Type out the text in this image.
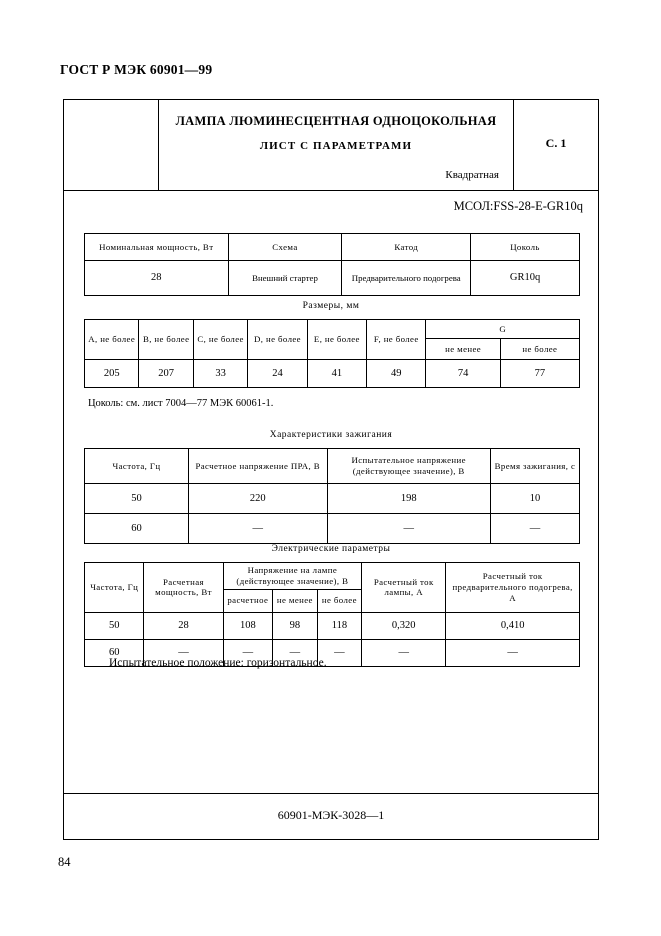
ГОСТ Р МЭК 60901—99
ЛАМПА ЛЮМИНЕСЦЕНТНАЯ ОДНОЦОКОЛЬНАЯ
ЛИСТ С ПАРАМЕТРАМИ
Квадратная
С. 1
МСОЛ:FSS-28-E-GR10q
Номинальная мощность, Вт	Схема	Катод	Цоколь
28	Внешний стартер	Предварительного подогрева	GR10q
Размеры, мм
A, не более	B, не более	C, не более	D, не более	E, не более	F, не более	G	
						не менее	не более
205	207	33	24	41	49	74	77
Цоколь: см. лист 7004—77 МЭК 60061-1.
Характеристики зажигания
Частота, Гц	Расчетное напряжение ПРА, В	Испытательное напряжение (действующее значение), В	Время зажигания, с
50	220	198	10
60	—	—	—
Электрические параметры
Частота, Гц	Расчетная мощность, Вт	Напряжение на лампе (действующее значение), В			Расчетный ток лампы, А	Расчетный ток предварительного подогрева, А
		расчетное	не менее	не более		
50	28	108	98	118	0,320	0,410
60	—	—	—	—	—	—
Испытательное положение: горизонтальное.
60901-МЭК-3028—1
84
